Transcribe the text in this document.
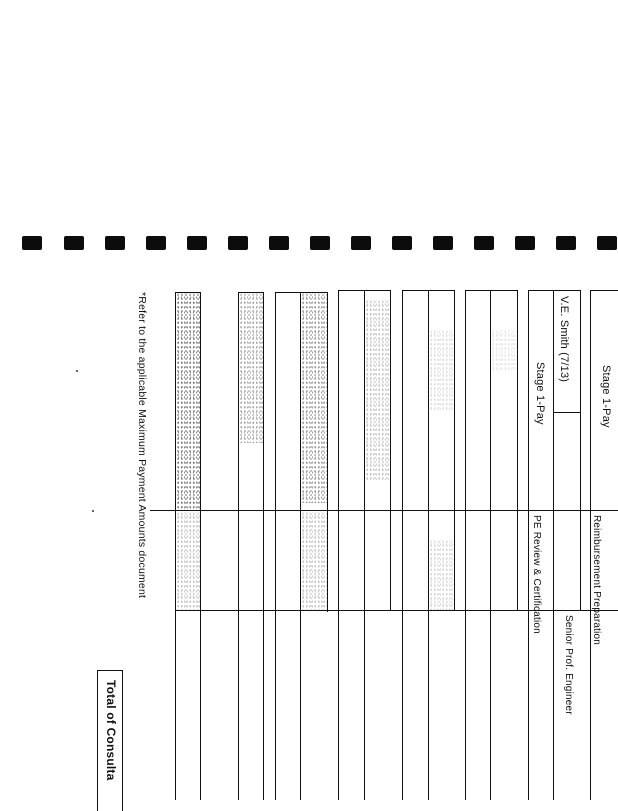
Stage 1-Pay
Reimbursement Preparation
Senior Prof. Engineer
V.E. Smith (7/13)
Stage 1-Pay
PE Review & Certification
*Refer to the applicable Maximum Payment Amounts document
Total of Consulta
